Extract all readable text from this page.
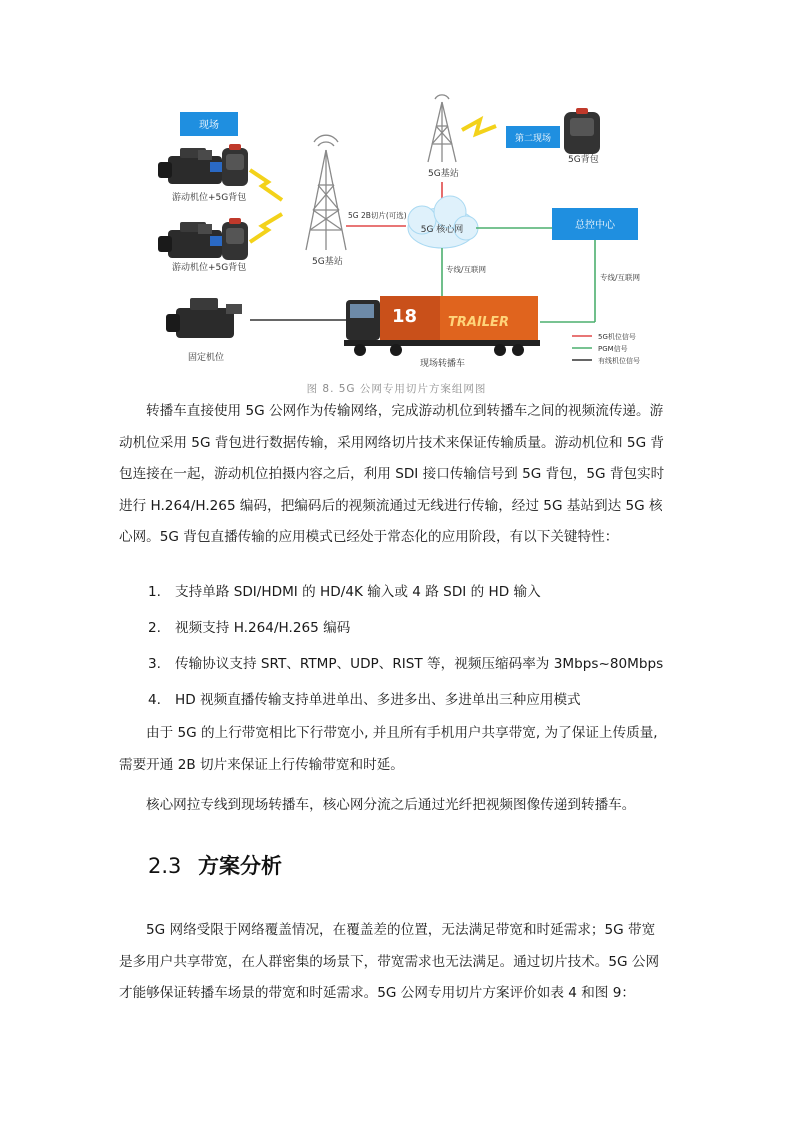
现场
游动机位+5G背包
游动机位+5G背包
5G基站
5G基站
第二现场
5G背包
5G 2B切片(可选)
5G 核心网	总控中心
专线/互联网
专线/互联网
固定机位
18 TRAILER
现场转播车
5G机位信号
PGM信号
有线机位信号
图 8. 5G 公网专用切片方案组网图
转播车直接使用 5G 公网作为传输网络，完成游动机位到转播车之间的视频流传递。游
动机位采用 5G 背包进行数据传输，采用网络切片技术来保证传输质量。游动机位和 5G 背
包连接在一起，游动机位拍摄内容之后，利用 SDI 接口传输信号到 5G 背包，5G 背包实时
进行 H.264/H.265 编码，把编码后的视频流通过无线进行传输，经过 5G 基站到达 5G 核
心网。5G 背包直播传输的应用模式已经处于常态化的应用阶段，有以下关键特性：
1. 支持单路 SDI/HDMI 的 HD/4K 输入或 4 路 SDI 的 HD 输入
2. 视频支持 H.264/H.265 编码
3. 传输协议支持 SRT、RTMP、UDP、RIST 等，视频压缩码率为 3Mbps~80Mbps
4. HD 视频直播传输支持单进单出、多进多出、多进单出三种应用模式
由于 5G 的上行带宽相比下行带宽小, 并且所有手机用户共享带宽, 为了保证上传质量,
需要开通 2B 切片来保证上行传输带宽和时延。
核心网拉专线到现场转播车，核心网分流之后通过光纤把视频图像传递到转播车。
2.3 方案分析
5G 网络受限于网络覆盖情况，在覆盖差的位置，无法满足带宽和时延需求；5G 带宽
是多用户共享带宽，在人群密集的场景下，带宽需求也无法满足。通过切片技术。5G 公网
才能够保证转播车场景的带宽和时延需求。5G 公网专用切片方案评价如表 4 和图 9：
